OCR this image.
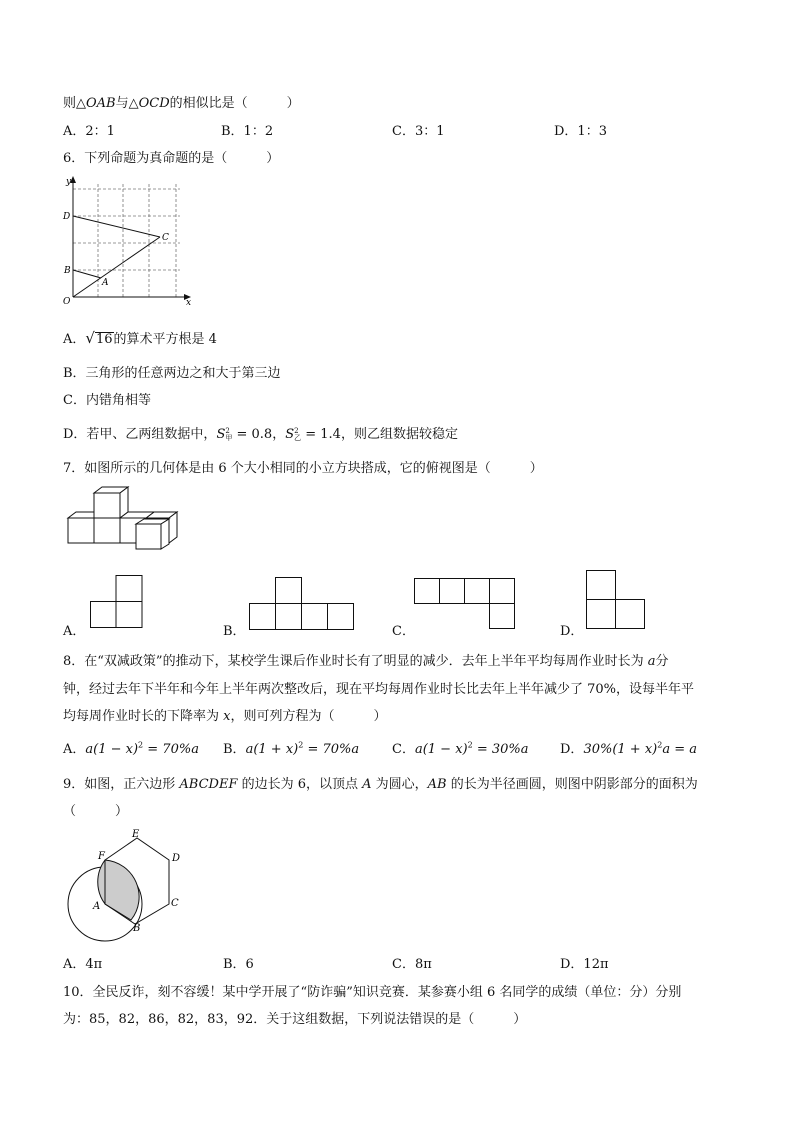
则△OAB与△OCD的相似比是（　　　）
A．2：1	B．1：2	C．3：1	D．1：3
6．下列命题为真命题的是（　　　）
y
x
O
D
B
C
A
A．√16的算术平方根是 4
B．三角形的任意两边之和大于第三边
C．内错角相等
D．若甲、乙两组数据中，S 2
甲 = 0.8，S 2
乙 = 1.4，则乙组数据较稳定
7．如图所示的几何体是由 6 个大小相同的小立方块搭成，它的俯视图是（　　　）
A．	B．	C．	D．
8．在“双减政策”的推动下，某校学生课后作业时长有了明显的减少．去年上半年平均每周作业时长为 a分
钟，经过去年下半年和今年上半年两次整改后，现在平均每周作业时长比去年上半年减少了 70%，设每半年平
均每周作业时长的下降率为 x，则可列方程为（　　　）
A．$a(1 - x)^2 = 70\%a$ B．$a(1 + x)^2 = 70\%a$	C．$a(1 - x)^2 = 30\%a$ D．$30\%(1 + x)^2a = a$
9．如图，正六边形 ABCDEF 的边长为 6，以顶点 A 为圆心，AB 的长为半径画圆，则图中阴影部分的面积为
（　　　）
F
E
D
C
B
A
A．4π	B．6	C．8π	D．12π
10．全民反诈，刻不容缓！某中学开展了“防诈骗”知识竞赛．某参赛小组 6 名同学的成绩（单位：分）分别
为：85，82，86，82，83，92．关于这组数据，下列说法错误的是（　　　）
